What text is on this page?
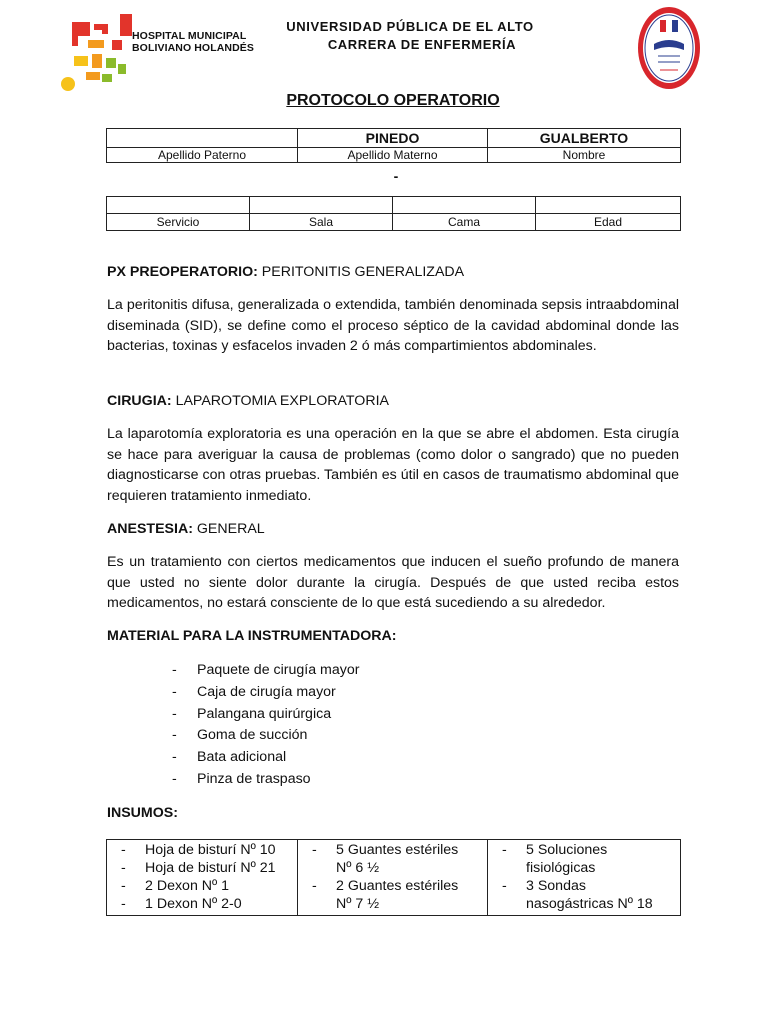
HOSPITAL MUNICIPAL
BOLIVIANO HOLANDÉS
UNIVERSIDAD PÚBLICA DE EL ALTO
CARRERA DE ENFERMERÍA
PROTOCOLO OPERATORIO
	PINEDO	GUALBERTO
Apellido Paterno	Apellido Materno	Nombre
-

Servicio	Sala	Cama	Edad
PX PREOPERATORIO: PERITONITIS GENERALIZADA
La peritonitis difusa, generalizada o extendida, también denominada sepsis intraabdominal diseminada (SID), se define como el proceso séptico de la cavidad abdominal donde las bacterias, toxinas y esfacelos invaden 2 ó más compartimientos abdominales.
CIRUGIA: LAPAROTOMIA EXPLORATORIA
La laparotomía exploratoria es una operación en la que se abre el abdomen. Esta cirugía se hace para averiguar la causa de problemas (como dolor o sangrado) que no pueden diagnosticarse con otras pruebas. También es útil en casos de traumatismo abdominal que requieren tratamiento inmediato.
ANESTESIA: GENERAL
Es un tratamiento con ciertos medicamentos que inducen el sueño profundo de manera que usted no siente dolor durante la cirugía. Después de que usted reciba estos medicamentos, no estará consciente de lo que está sucediendo a su alrededor.
MATERIAL PARA LA INSTRUMENTADORA:
- Paquete de cirugía mayor
- Caja de cirugía mayor
- Palangana quirúrgica
- Goma de succión
- Bata adicional
- Pinza de traspaso
INSUMOS:
- Hoja de bisturí Nº 10
- Hoja de bisturí Nº 21
- 2 Dexon Nº 1
- 1 Dexon Nº 2-0

- 5 Guantes estériles Nº 6 ½
- 2 Guantes estériles Nº 7 ½

- 5 Soluciones fisiológicas
- 3 Sondas nasogástricas Nº 18
